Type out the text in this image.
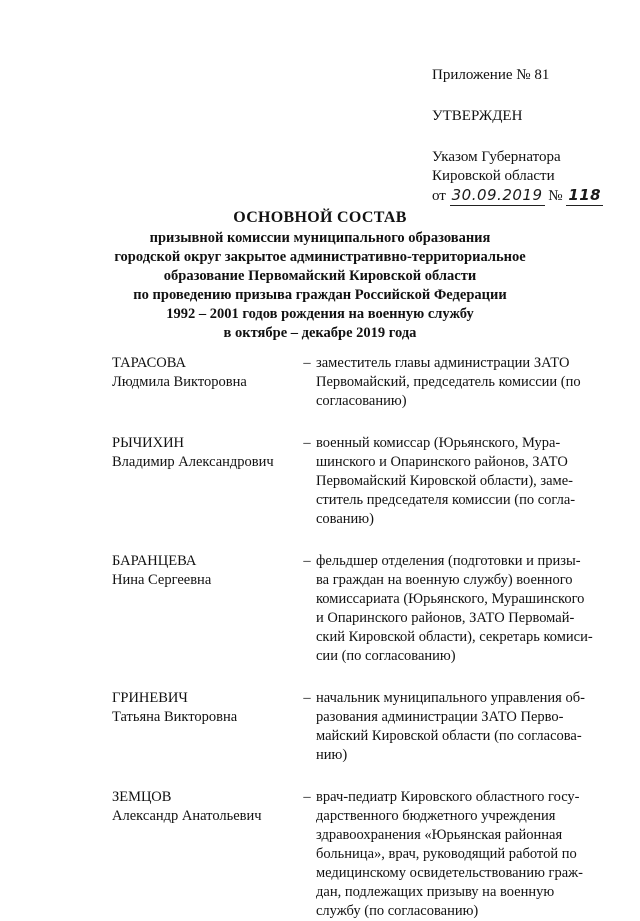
Приложение № 81
УТВЕРЖДЕН
Указом Губернатора
Кировской области
от 30.09.2019 № 118
ОСНОВНОЙ СОСТАВ
призывной комиссии муниципального образования
городской округ закрытое административно-территориальное
образование Первомайский Кировской области
по проведению призыва граждан Российской Федерации
1992 – 2001 годов рождения на военную службу
в октябре – декабре 2019 года
ТАРАСОВА
Людмила Викторовна
– заместитель главы администрации ЗАТО
Первомайский, председатель комиссии (по
согласованию)
РЫЧИХИН
Владимир Александрович
– военный комиссар (Юрьянского, Мура-
шинского и Опаринского районов, ЗАТО
Первомайский Кировской области), заме-
ститель председателя комиссии (по согла-
сованию)
БАРАНЦЕВА
Нина Сергеевна
– фельдшер отделения (подготовки и призы-
ва граждан на военную службу) военного
комиссариата (Юрьянского, Мурашинского
и Опаринского районов, ЗАТО Первомай-
ский Кировской области), секретарь комиси-
сии (по согласованию)
ГРИНЕВИЧ
Татьяна Викторовна
– начальник муниципального управления об-
разования администрации ЗАТО Перво-
майский Кировской области (по согласова-
нию)
ЗЕМЦОВ
Александр Анатольевич
– врач-педиатр Кировского областного госу-
дарственного бюджетного учреждения
здравоохранения «Юрьянская районная
больница», врач, руководящий работой по
медицинскому освидетельствованию граж-
дан, подлежащих призыву на военную
службу (по согласованию)
